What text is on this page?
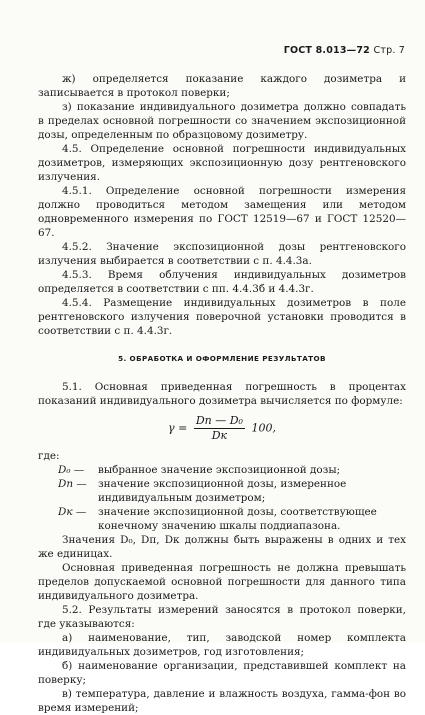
ГОСТ 8.013—72 Стр. 7

ж) определяется показание каждого дозиметра и записывается в протокол поверки;

з) показание индивидуального дозиметра должно совпадать в пределах основной погрешности со значением экспозиционной дозы, определенным по образцовому дозиметру.

4.5. Определение основной погрешности индивидуальных дозиметров, измеряющих экспозиционную дозу рентгеновского излучения.

4.5.1. Определение основной погрешности измерения должно проводиться методом замещения или методом одновременного измерения по ГОСТ 12519—67 и ГОСТ 12520—67.

4.5.2. Значение экспозиционной дозы рентгеновского излучения выбирается в соответствии с п. 4.4.3а.

4.5.3. Время облучения индивидуальных дозиметров определяется в соответствии с пп. 4.4.3б и 4.4.3г.

4.5.4. Размещение индивидуальных дозиметров в поле рентгеновского излучения поверочной установки проводится в соответствии с п. 4.4.3г.

5. ОБРАБОТКА И ОФОРМЛЕНИЕ РЕЗУЛЬТАТОВ

5.1. Основная приведенная погрешность в процентах показаний индивидуального дозиметра вычисляется по формуле:

$\gamma = \frac{\text{Dп — D₀}}{Dк} 100$,

где:

D₀ —	выбранное значение экспозиционной дозы;
Dп —	значение экспозиционной дозы, измеренное индивидуальным дозиметром;
Dк —	значение экспозиционной дозы, соответствующее конечному значению шкалы поддиапазона.

Значения D₀, Dп, Dк должны быть выражены в одних и тех же единицах.

Основная приведенная погрешность не должна превышать пределов допускаемой основной погрешности для данного типа индивидуального дозиметра.

5.2. Результаты измерений заносятся в протокол поверки, где указываются:

а) наименование, тип, заводской номер комплекта индивидуальных дозиметров, год изготовления;

б) наименование организации, представившей комплект на поверку;

в) температура, давление и влажность воздуха, гамма-фон во время измерений;
